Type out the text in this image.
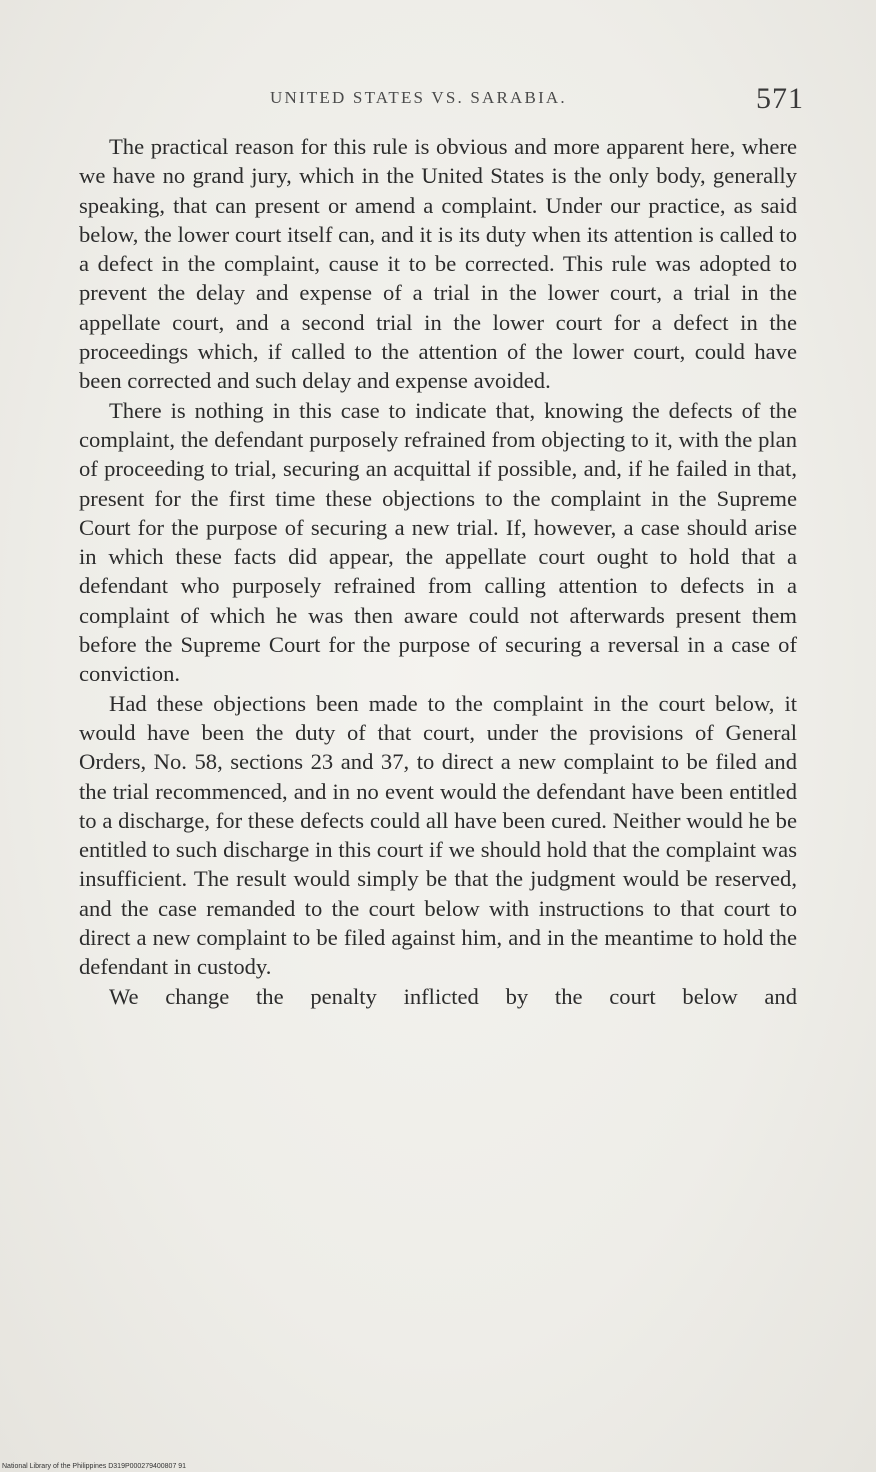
UNITED STATES VS. SARABIA.	571

The practical reason for this rule is obvious and more apparent here, where we have no grand jury, which in the United States is the only body, generally speaking, that can present or amend a complaint. Under our practice, as said below, the lower court itself can, and it is its duty when its attention is called to a defect in the complaint, cause it to be corrected. This rule was adopted to prevent the delay and expense of a trial in the lower court, a trial in the appellate court, and a second trial in the lower court for a defect in the proceedings which, if called to the attention of the lower court, could have been corrected and such delay and expense avoided.

There is nothing in this case to indicate that, knowing the defects of the complaint, the defendant purposely refrained from objecting to it, with the plan of proceeding to trial, securing an acquittal if possible, and, if he failed in that, present for the first time these objections to the complaint in the Supreme Court for the purpose of securing a new trial. If, however, a case should arise in which these facts did appear, the appellate court ought to hold that a defendant who purposely refrained from calling attention to defects in a complaint of which he was then aware could not afterwards present them before the Supreme Court for the purpose of securing a reversal in a case of conviction.

Had these objections been made to the complaint in the court below, it would have been the duty of that court, under the provisions of General Orders, No. 58, sections 23 and 37, to direct a new complaint to be filed and the trial recommenced, and in no event would the defendant have been entitled to a discharge, for these defects could all have been cured. Neither would he be entitled to such discharge in this court if we should hold that the complaint was insufficient. The result would simply be that the judgment would be reserved, and the case remanded to the court below with instructions to that court to direct a new complaint to be filed against him, and in the meantime to hold the defendant in custody.

We change the penalty inflicted by the court below and

National Library of the Philippines D319P000279400807 91
